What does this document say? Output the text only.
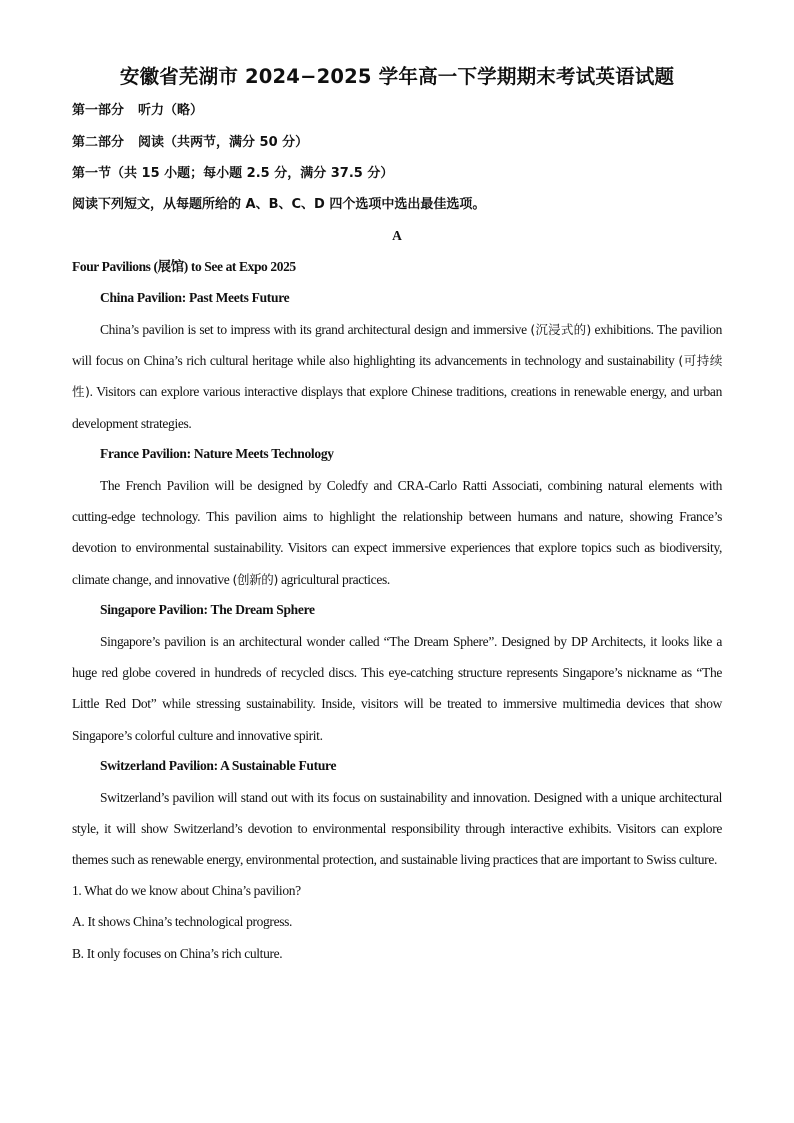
安徽省芜湖市 2024−2025 学年高一下学期期末考试英语试题
第一部分 听力（略）
第二部分 阅读（共两节，满分 50 分）
第一节（共 15 小题；每小题 2.5 分，满分 37.5 分）
阅读下列短文，从每题所给的 A、B、C、D 四个选项中选出最佳选项。
A
Four Pavilions (展馆) to See at Expo 2025
China Pavilion: Past Meets Future

China’s pavilion is set to impress with its grand architectural design and immersive (沉浸式的) exhibitions. The pavilion will focus on China’s rich cultural heritage while also highlighting its advancements in technology and sustainability (可持续性). Visitors can explore various interactive displays that explore Chinese traditions, creations in renewable energy, and urban development strategies.

France Pavilion: Nature Meets Technology

The French Pavilion will be designed by Coledfy and CRA-Carlo Ratti Associati, combining natural elements with cutting-edge technology. This pavilion aims to highlight the relationship between humans and nature, showing France’s devotion to environmental sustainability. Visitors can expect immersive experiences that explore topics such as biodiversity, climate change, and innovative (创新的) agricultural practices.

Singapore Pavilion: The Dream Sphere

Singapore’s pavilion is an architectural wonder called “The Dream Sphere”. Designed by DP Architects, it looks like a huge red globe covered in hundreds of recycled discs. This eye-catching structure represents Singapore’s nickname as “The Little Red Dot” while stressing sustainability. Inside, visitors will be treated to immersive multimedia devices that show Singapore’s colorful culture and innovative spirit.

Switzerland Pavilion: A Sustainable Future

Switzerland’s pavilion will stand out with its focus on sustainability and innovation. Designed with a unique architectural style, it will show Switzerland’s devotion to environmental responsibility through interactive exhibits. Visitors can explore themes such as renewable energy, environmental protection, and sustainable living practices that are important to Swiss culture.

1. What do we know about China’s pavilion?
A. It shows China’s technological progress.
B. It only focuses on China’s rich culture.
